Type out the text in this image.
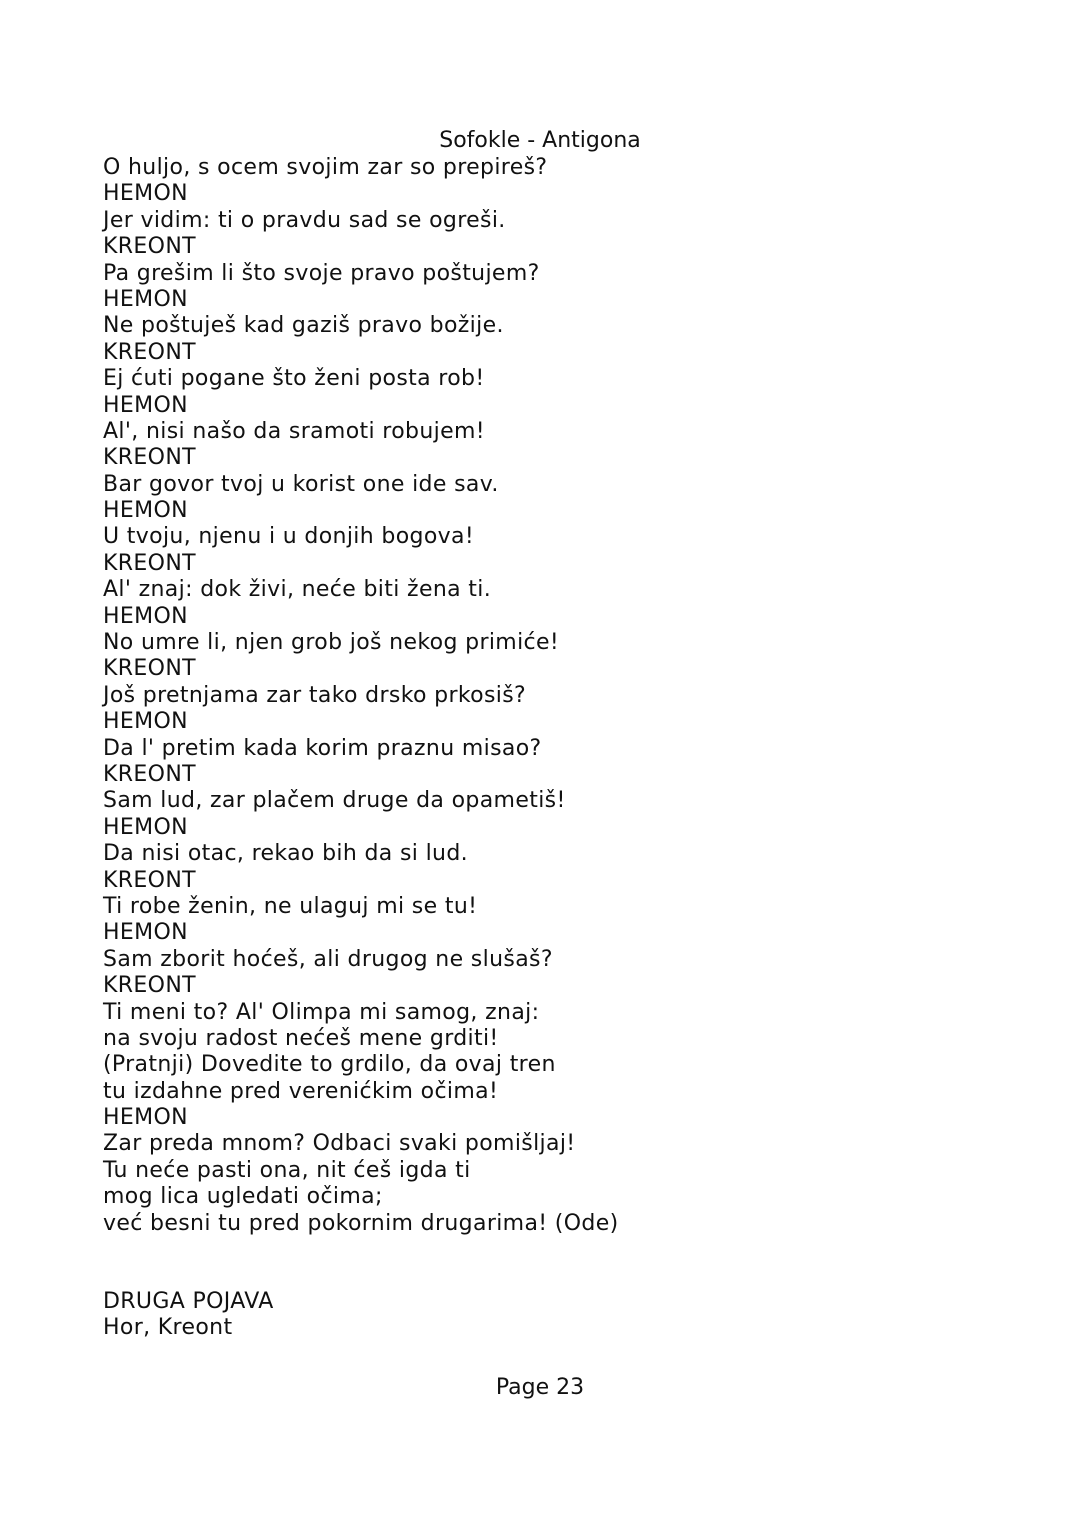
Sofokle - Antigona
O huljo, s ocem svojim zar so prepireš?
HEMON
Jer vidim: ti o pravdu sad se ogreši.
KREONT
Pa grešim li što svoje pravo poštujem?
HEMON
Ne poštuješ kad gaziš pravo božije.
KREONT
Ej ćuti pogane što ženi posta rob!
HEMON
Al', nisi našo da sramoti robujem!
KREONT
Bar govor tvoj u korist one ide sav.
HEMON
U tvoju, njenu i u donjih bogova!
KREONT
Al' znaj: dok živi, neće biti žena ti.
HEMON
No umre li, njen grob još nekog primiće!
KREONT
Još pretnjama zar tako drsko prkosiš?
HEMON
Da l' pretim kada korim praznu misao?
KREONT
Sam lud, zar plačem druge da opametiš!
HEMON
Da nisi otac, rekao bih da si lud.
KREONT
Ti robe ženin, ne ulaguj mi se tu!
HEMON
Sam zborit hoćeš, ali drugog ne slušaš?
KREONT
Ti meni to? Al' Olimpa mi samog, znaj:
na svoju radost nećeš mene grditi!
(Pratnji) Dovedite to grdilo, da ovaj tren
tu izdahne pred verenićkim očima!
HEMON
Zar preda mnom? Odbaci svaki pomišljaj!
Tu neće pasti ona, nit ćeš igda ti
mog lica ugledati očima;
već besni tu pred pokornim drugarima! (Ode)
DRUGA POJAVA
Hor, Kreont
Page 23
